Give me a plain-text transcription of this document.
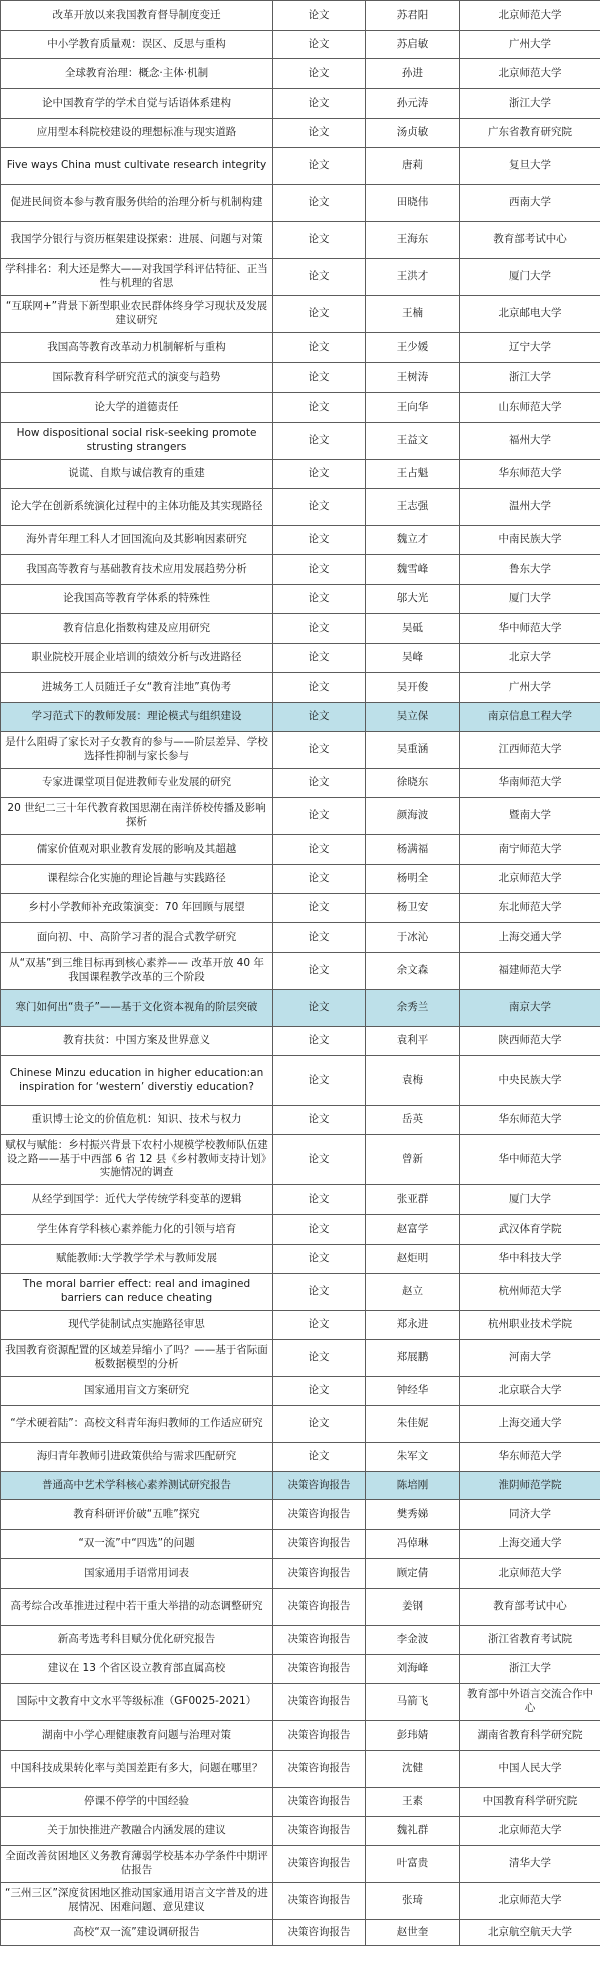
改革开放以来我国教育督导制度变迁	论文	苏君阳	北京师范大学
中小学教育质量观：误区、反思与重构	论文	苏启敏	广州大学
全球教育治理：概念·主体·机制	论文	孙进	北京师范大学
论中国教育学的学术自觉与话语体系建构	论文	孙元涛	浙江大学
应用型本科院校建设的理想标准与现实道路	论文	汤贞敏	广东省教育研究院
Five ways China must cultivate research integrity	论文	唐莉	复旦大学
促进民间资本参与教育服务供给的治理分析与机制构建	论文	田晓伟	西南大学
我国学分银行与资历框架建设探索：进展、问题与对策	论文	王海东	教育部考试中心
学科排名：利大还是弊大——对我国学科评估特征、正当性与机理的省思	论文	王洪才	厦门大学
“互联网+”背景下新型职业农民群体终身学习现状及发展建议研究	论文	王楠	北京邮电大学
我国高等教育改革动力机制解析与重构	论文	王少媛	辽宁大学
国际教育科学研究范式的演变与趋势	论文	王树涛	浙江大学
论大学的道德责任	论文	王向华	山东师范大学
How dispositional social risk-seeking promote strusting strangers	论文	王益文	福州大学
说谎、自欺与诚信教育的重建	论文	王占魁	华东师范大学
论大学在创新系统演化过程中的主体功能及其实现路径	论文	王志强	温州大学
海外青年理工科人才回国流向及其影响因素研究	论文	魏立才	中南民族大学
我国高等教育与基础教育技术应用发展趋势分析	论文	魏雪峰	鲁东大学
论我国高等教育学体系的特殊性	论文	邬大光	厦门大学
教育信息化指数构建及应用研究	论文	吴砥	华中师范大学
职业院校开展企业培训的绩效分析与改进路径	论文	吴峰	北京大学
进城务工人员随迁子女“教育洼地”真伪考	论文	吴开俊	广州大学
学习范式下的教师发展：理论模式与组织建设	论文	吴立保	南京信息工程大学
是什么阻碍了家长对子女教育的参与——阶层差异、学校选择性抑制与家长参与	论文	吴重涵	江西师范大学
专家进课堂项目促进教师专业发展的研究	论文	徐晓东	华南师范大学
20 世纪二三十年代教育救国思潮在南洋侨校传播及影响探析	论文	颜海波	暨南大学
儒家价值观对职业教育发展的影响及其超越	论文	杨满福	南宁师范大学
课程综合化实施的理论旨趣与实践路径	论文	杨明全	北京师范大学
乡村小学教师补充政策演变：70 年回顾与展望	论文	杨卫安	东北师范大学
面向初、中、高阶学习者的混合式教学研究	论文	于冰沁	上海交通大学
从“双基”到三维目标再到核心素养—— 改革开放 40 年我国课程教学改革的三个阶段	论文	余文森	福建师范大学
寒门如何出“贵子”——基于文化资本视角的阶层突破	论文	余秀兰	南京大学
教育扶贫：中国方案及世界意义	论文	袁利平	陕西师范大学
Chinese Minzu education in higher education:an inspiration for ‘western’ diverstiy education?	论文	袁梅	中央民族大学
重识博士论文的价值危机：知识、技术与权力	论文	岳英	华东师范大学
赋权与赋能：乡村振兴背景下农村小规模学校教师队伍建设之路——基于中西部 6 省 12 县《乡村教师支持计划》实施情况的调查	论文	曾新	华中师范大学
从经学到国学：近代大学传统学科变革的逻辑	论文	张亚群	厦门大学
学生体育学科核心素养能力化的引领与培育	论文	赵富学	武汉体育学院
赋能教师:大学教学学术与教师发展	论文	赵炬明	华中科技大学
The moral barrier effect: real and imagined barriers can reduce cheating	论文	赵立	杭州师范大学
现代学徒制试点实施路径审思	论文	郑永进	杭州职业技术学院
我国教育资源配置的区域差异缩小了吗？——基于省际面板数据模型的分析	论文	郑展鹏	河南大学
国家通用盲文方案研究	论文	钟经华	北京联合大学
“学术硬着陆”：高校文科青年海归教师的工作适应研究	论文	朱佳妮	上海交通大学
海归青年教师引进政策供给与需求匹配研究	论文	朱军文	华东师范大学
普通高中艺术学科核心素养测试研究报告	决策咨询报告	陈培刚	淮阴师范学院
教育科研评价破“五唯”探究	决策咨询报告	樊秀娣	同济大学
“双一流”中“四选”的问题	决策咨询报告	冯倬琳	上海交通大学
国家通用手语常用词表	决策咨询报告	顾定倩	北京师范大学
高考综合改革推进过程中若干重大举措的动态调整研究	决策咨询报告	姜钢	教育部考试中心
新高考选考科目赋分优化研究报告	决策咨询报告	李金波	浙江省教育考试院
建议在 13 个省区设立教育部直属高校	决策咨询报告	刘海峰	浙江大学
国际中文教育中文水平等级标准（GF0025-2021）	决策咨询报告	马箭飞	教育部中外语言交流合作中心
湖南中小学心理健康教育问题与治理对策	决策咨询报告	彭玮婧	湖南省教育科学研究院
中国科技成果转化率与美国差距有多大，问题在哪里？	决策咨询报告	沈健	中国人民大学
停课不停学的中国经验	决策咨询报告	王素	中国教育科学研究院
关于加快推进产教融合内涵发展的建议	决策咨询报告	魏礼群	北京师范大学
全面改善贫困地区义务教育薄弱学校基本办学条件中期评估报告	决策咨询报告	叶富贵	清华大学
“三州三区”深度贫困地区推动国家通用语言文字普及的进展情况、困难问题、意见建议	决策咨询报告	张琦	北京师范大学
高校“双一流”建设调研报告	决策咨询报告	赵世奎	北京航空航天大学
